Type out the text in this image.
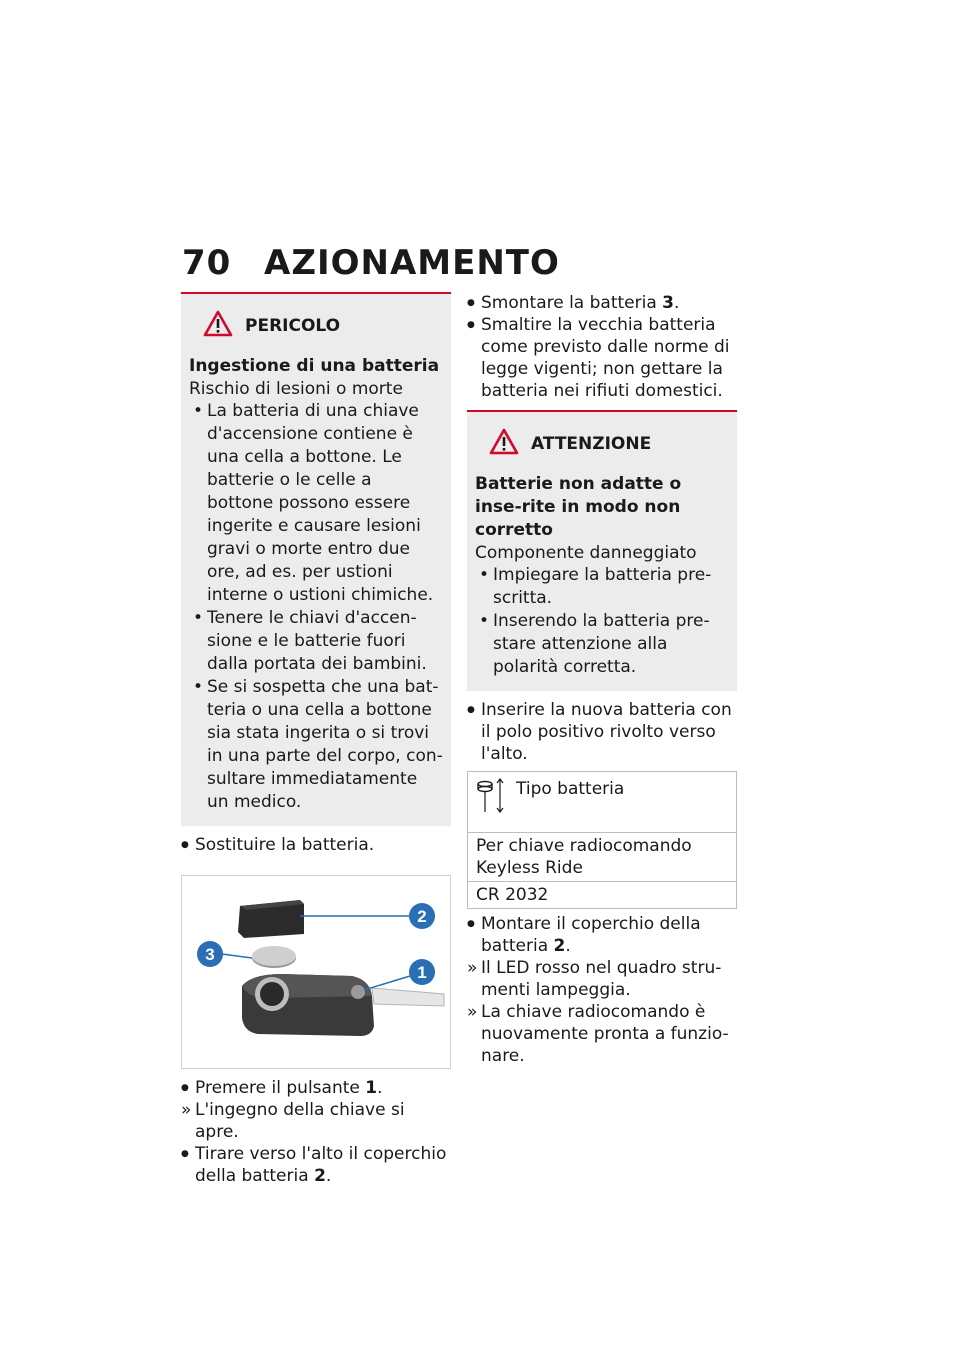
70 AZIONAMENTO
PERICOLO
Ingestione di una batteria

Rischio di lesioni o morte

• La batteria di una chiave d'accensione contiene è una cella a bottone. Le batterie o le celle a bottone possono essere ingerite e causare lesioni gravi o morte entro due ore, ad es. per ustioni interne o ustioni chimiche.
• Tenere le chiavi d'accen-sione e le batterie fuori dalla portata dei bambini.
• Se si sospetta che una bat-teria o una cella a bottone sia stata ingerita o si trovi in una parte del corpo, con-sultare immediatamente un medico.
● Sostituire la batteria.
2
3
1
● Premere il pulsante 1.
» L'ingegno della chiave si apre.
● Tirare verso l'alto il coperchio della batteria 2.
● Smontare la batteria 3.
● Smaltire la vecchia batteria come previsto dalle norme di legge vigenti; non gettare la batteria nei rifiuti domestici.
ATTENZIONE
Batterie non adatte o inse-rite in modo non corretto

Componente danneggiato

• Impiegare la batteria pre-scritta.
• Inserendo la batteria pre-stare attenzione alla polarità corretta.
● Inserire la nuova batteria con il polo positivo rivolto verso l'alto.
Tipo batteria
Per chiave radiocomando Keyless Ride
CR 2032
● Montare il coperchio della batteria 2.
» Il LED rosso nel quadro stru-menti lampeggia.
» La chiave radiocomando è nuovamente pronta a funzio-nare.
